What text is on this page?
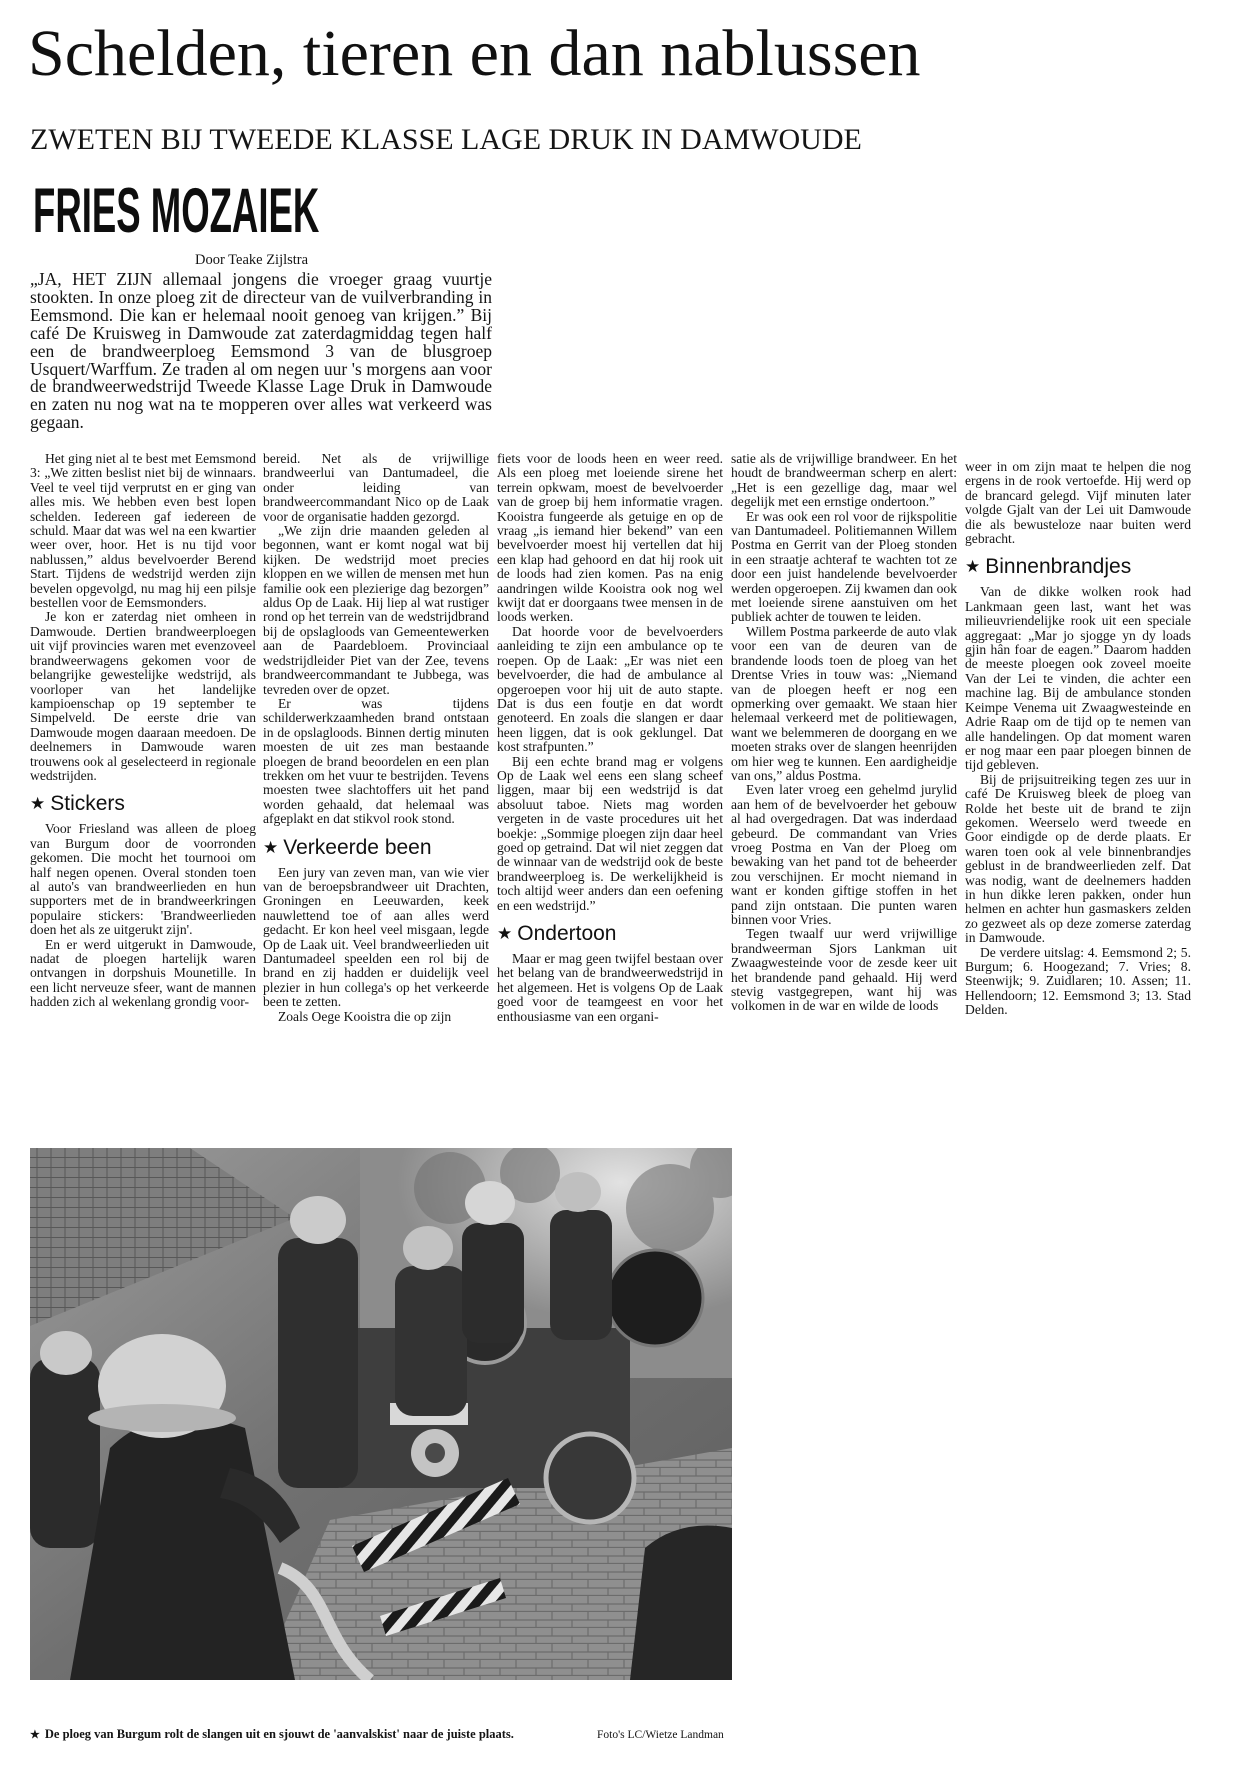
Schelden, tieren en dan nablussen
ZWETEN BIJ TWEEDE KLASSE LAGE DRUK IN DAMWOUDE
FRIES MOZAIEK
Door Teake Zijlstra
„JA, HET ZIJN allemaal jongens die vroeger graag vuurtje stookten. In onze ploeg zit de directeur van de vuilverbranding in Eemsmond. Die kan er helemaal nooit genoeg van krijgen.” Bij café De Kruisweg in Damwoude zat zaterdagmiddag tegen half een de brandweerploeg Eemsmond 3 van de blusgroep Usquert/Warffum. Ze traden al om negen uur 's morgens aan voor de brandweerwedstrijd Tweede Klasse Lage Druk in Damwoude en zaten nu nog wat na te mopperen over alles wat verkeerd was gegaan.

Het ging niet al te best met Eemsmond 3: „We zitten beslist niet bij de winnaars. Veel te veel tijd verprutst en er ging van alles mis. We hebben even best lopen schelden. Iedereen gaf iedereen de schuld. Maar dat was wel na een kwartier weer over, hoor. Het is nu tijd voor nablussen,” aldus bevelvoerder Berend Start. Tijdens de wedstrijd werden zijn bevelen opgevolgd, nu mag hij een pilsje bestellen voor de Eemsmonders.

Je kon er zaterdag niet omheen in Damwoude. Dertien brandweerploegen uit vijf provincies waren met evenzoveel brandweerwagens gekomen voor de belangrijke gewestelijke wedstrijd, als voorloper van het landelijke kampioenschap op 19 september te Simpelveld. De eerste drie van Damwoude mogen daaraan meedoen. De deelnemers in Damwoude waren trouwens ook al geselecteerd in regionale wedstrijden.

★ Stickers

Voor Friesland was alleen de ploeg van Burgum door de voorronden gekomen. Die mocht het tournooi om half negen openen. Overal stonden toen al auto's van brandweerlieden en hun supporters met de in brandweerkringen populaire stickers: 'Brandweerlieden doen het als ze uitgerukt zijn'.

En er werd uitgerukt in Damwoude, nadat de ploegen hartelijk waren ontvangen in dorpshuis Mounetille. In een licht nerveuze sfeer, want de mannen hadden zich al wekenlang grondig voor-

bereid. Net als de vrijwillige brandweerlui van Dantumadeel, die onder leiding van brandweercommandant Nico op de Laak voor de organisatie hadden gezorgd.

„We zijn drie maanden geleden al begonnen, want er komt nogal wat bij kijken. De wedstrijd moet precies kloppen en we willen de mensen met hun familie ook een plezierige dag bezorgen” aldus Op de Laak. Hij liep al wat rustiger rond op het terrein van de wedstrijdbrand bij de opslagloods van Gemeentewerken aan de Paardebloem. Provinciaal wedstrijdleider Piet van der Zee, tevens brandweercommandant te Jubbega, was tevreden over de opzet.

Er was tijdens schilderwerkzaamheden brand ontstaan in de opslagloods. Binnen dertig minuten moesten de uit zes man bestaande ploegen de brand beoordelen en een plan trekken om het vuur te bestrijden. Tevens moesten twee slachtoffers uit het pand worden gehaald, dat helemaal was afgeplakt en dat stikvol rook stond.

★ Verkeerde been

Een jury van zeven man, van wie vier van de beroepsbrandweer uit Drachten, Groningen en Leeuwarden, keek nauwlettend toe of aan alles werd gedacht. Er kon heel veel misgaan, legde Op de Laak uit. Veel brandweerlieden uit Dantumadeel speelden een rol bij de brand en zij hadden er duidelijk veel plezier in hun collega's op het verkeerde been te zetten.

Zoals Oege Kooistra die op zijn

fiets voor de loods heen en weer reed. Als een ploeg met loeiende sirene het terrein opkwam, moest de bevelvoerder van de groep bij hem informatie vragen. Kooistra fungeerde als getuige en op de vraag „is iemand hier bekend” van een bevelvoerder moest hij vertellen dat hij een klap had gehoord en dat hij rook uit de loods had zien komen. Pas na enig aandringen wilde Kooistra ook nog wel kwijt dat er doorgaans twee mensen in de loods werken.

Dat hoorde voor de bevelvoerders aanleiding te zijn een ambulance op te roepen. Op de Laak: „Er was niet een bevelvoerder, die had de ambulance al opgeroepen voor hij uit de auto stapte. Dat is dus een foutje en dat wordt genoteerd. En zoals die slangen er daar heen liggen, dat is ook geklungel. Dat kost strafpunten.”

Bij een echte brand mag er volgens Op de Laak wel eens een slang scheef liggen, maar bij een wedstrijd is dat absoluut taboe. Niets mag worden vergeten in de vaste procedures uit het boekje: „Sommige ploegen zijn daar heel goed op getraind. Dat wil niet zeggen dat de winnaar van de wedstrijd ook de beste brandweerploeg is. De werkelijkheid is toch altijd weer anders dan een oefening en een wedstrijd.”

★ Ondertoon

Maar er mag geen twijfel bestaan over het belang van de brandweerwedstrijd in het algemeen. Het is volgens Op de Laak goed voor de teamgeest en voor het enthousiasme van een organi-

satie als de vrijwillige brandweer. En het houdt de brandweerman scherp en alert: „Het is een gezellige dag, maar wel degelijk met een ernstige ondertoon.”

Er was ook een rol voor de rijkspolitie van Dantumadeel. Politiemannen Willem Postma en Gerrit van der Ploeg stonden in een straatje achteraf te wachten tot ze door een juist handelende bevelvoerder werden opgeroepen. Zij kwamen dan ook met loeiende sirene aanstuiven om het publiek achter de touwen te leiden.

Willem Postma parkeerde de auto vlak voor een van de deuren van de brandende loods toen de ploeg van het Drentse Vries in touw was: „Niemand van de ploegen heeft er nog een opmerking over gemaakt. We staan hier helemaal verkeerd met de politiewagen, want we belemmeren de doorgang en we moeten straks over de slangen heenrijden om hier weg te kunnen. Een aardigheidje van ons,” aldus Postma.

Even later vroeg een gehelmd jurylid aan hem of de bevelvoerder het gebouw al had overgedragen. Dat was inderdaad gebeurd. De commandant van Vries vroeg Postma en Van der Ploeg om bewaking van het pand tot de beheerder zou verschijnen. Er mocht niemand in want er konden giftige stoffen in het pand zijn ontstaan. Die punten waren binnen voor Vries.

Tegen twaalf uur werd vrijwillige brandweerman Sjors Lankman uit Zwaagwesteinde voor de zesde keer uit het brandende pand gehaald. Hij werd stevig vastgegrepen, want hij was volkomen in de war en wilde de loods

weer in om zijn maat te helpen die nog ergens in de rook vertoefde. Hij werd op de brancard gelegd. Vijf minuten later volgde Gjalt van der Lei uit Damwoude die als bewusteloze naar buiten werd gebracht.

★ Binnenbrandjes

Van de dikke wolken rook had Lankmaan geen last, want het was milieuvriendelijke rook uit een speciale aggregaat: „Mar jo sjogge yn dy loads gjin hân foar de eagen.” Daarom hadden de meeste ploegen ook zoveel moeite Van der Lei te vinden, die achter een machine lag. Bij de ambulance stonden Keimpe Venema uit Zwaagwesteinde en Adrie Raap om de tijd op te nemen van alle handelingen. Op dat moment waren er nog maar een paar ploegen binnen de tijd gebleven.

Bij de prijsuitreiking tegen zes uur in café De Kruisweg bleek de ploeg van Rolde het beste uit de brand te zijn gekomen. Weerselo werd tweede en Goor eindigde op de derde plaats. Er waren toen ook al vele binnenbrandjes geblust in de brandweerlieden zelf. Dat was nodig, want de deelnemers hadden in hun dikke leren pakken, onder hun helmen en achter hun gasmaskers zelden zo gezweet als op deze zomerse zaterdag in Damwoude.

De verdere uitslag: 4. Eemsmond 2; 5. Burgum; 6. Hoogezand; 7. Vries; 8. Steenwijk; 9. Zuidlaren; 10. Assen; 11. Hellendoorn; 12. Eemsmond 3; 13. Stad Delden.

★ De ploeg van Burgum rolt de slangen uit en sjouwt de 'aanvalskist' naar de juiste plaats.	Foto's LC/Wietze Landman
